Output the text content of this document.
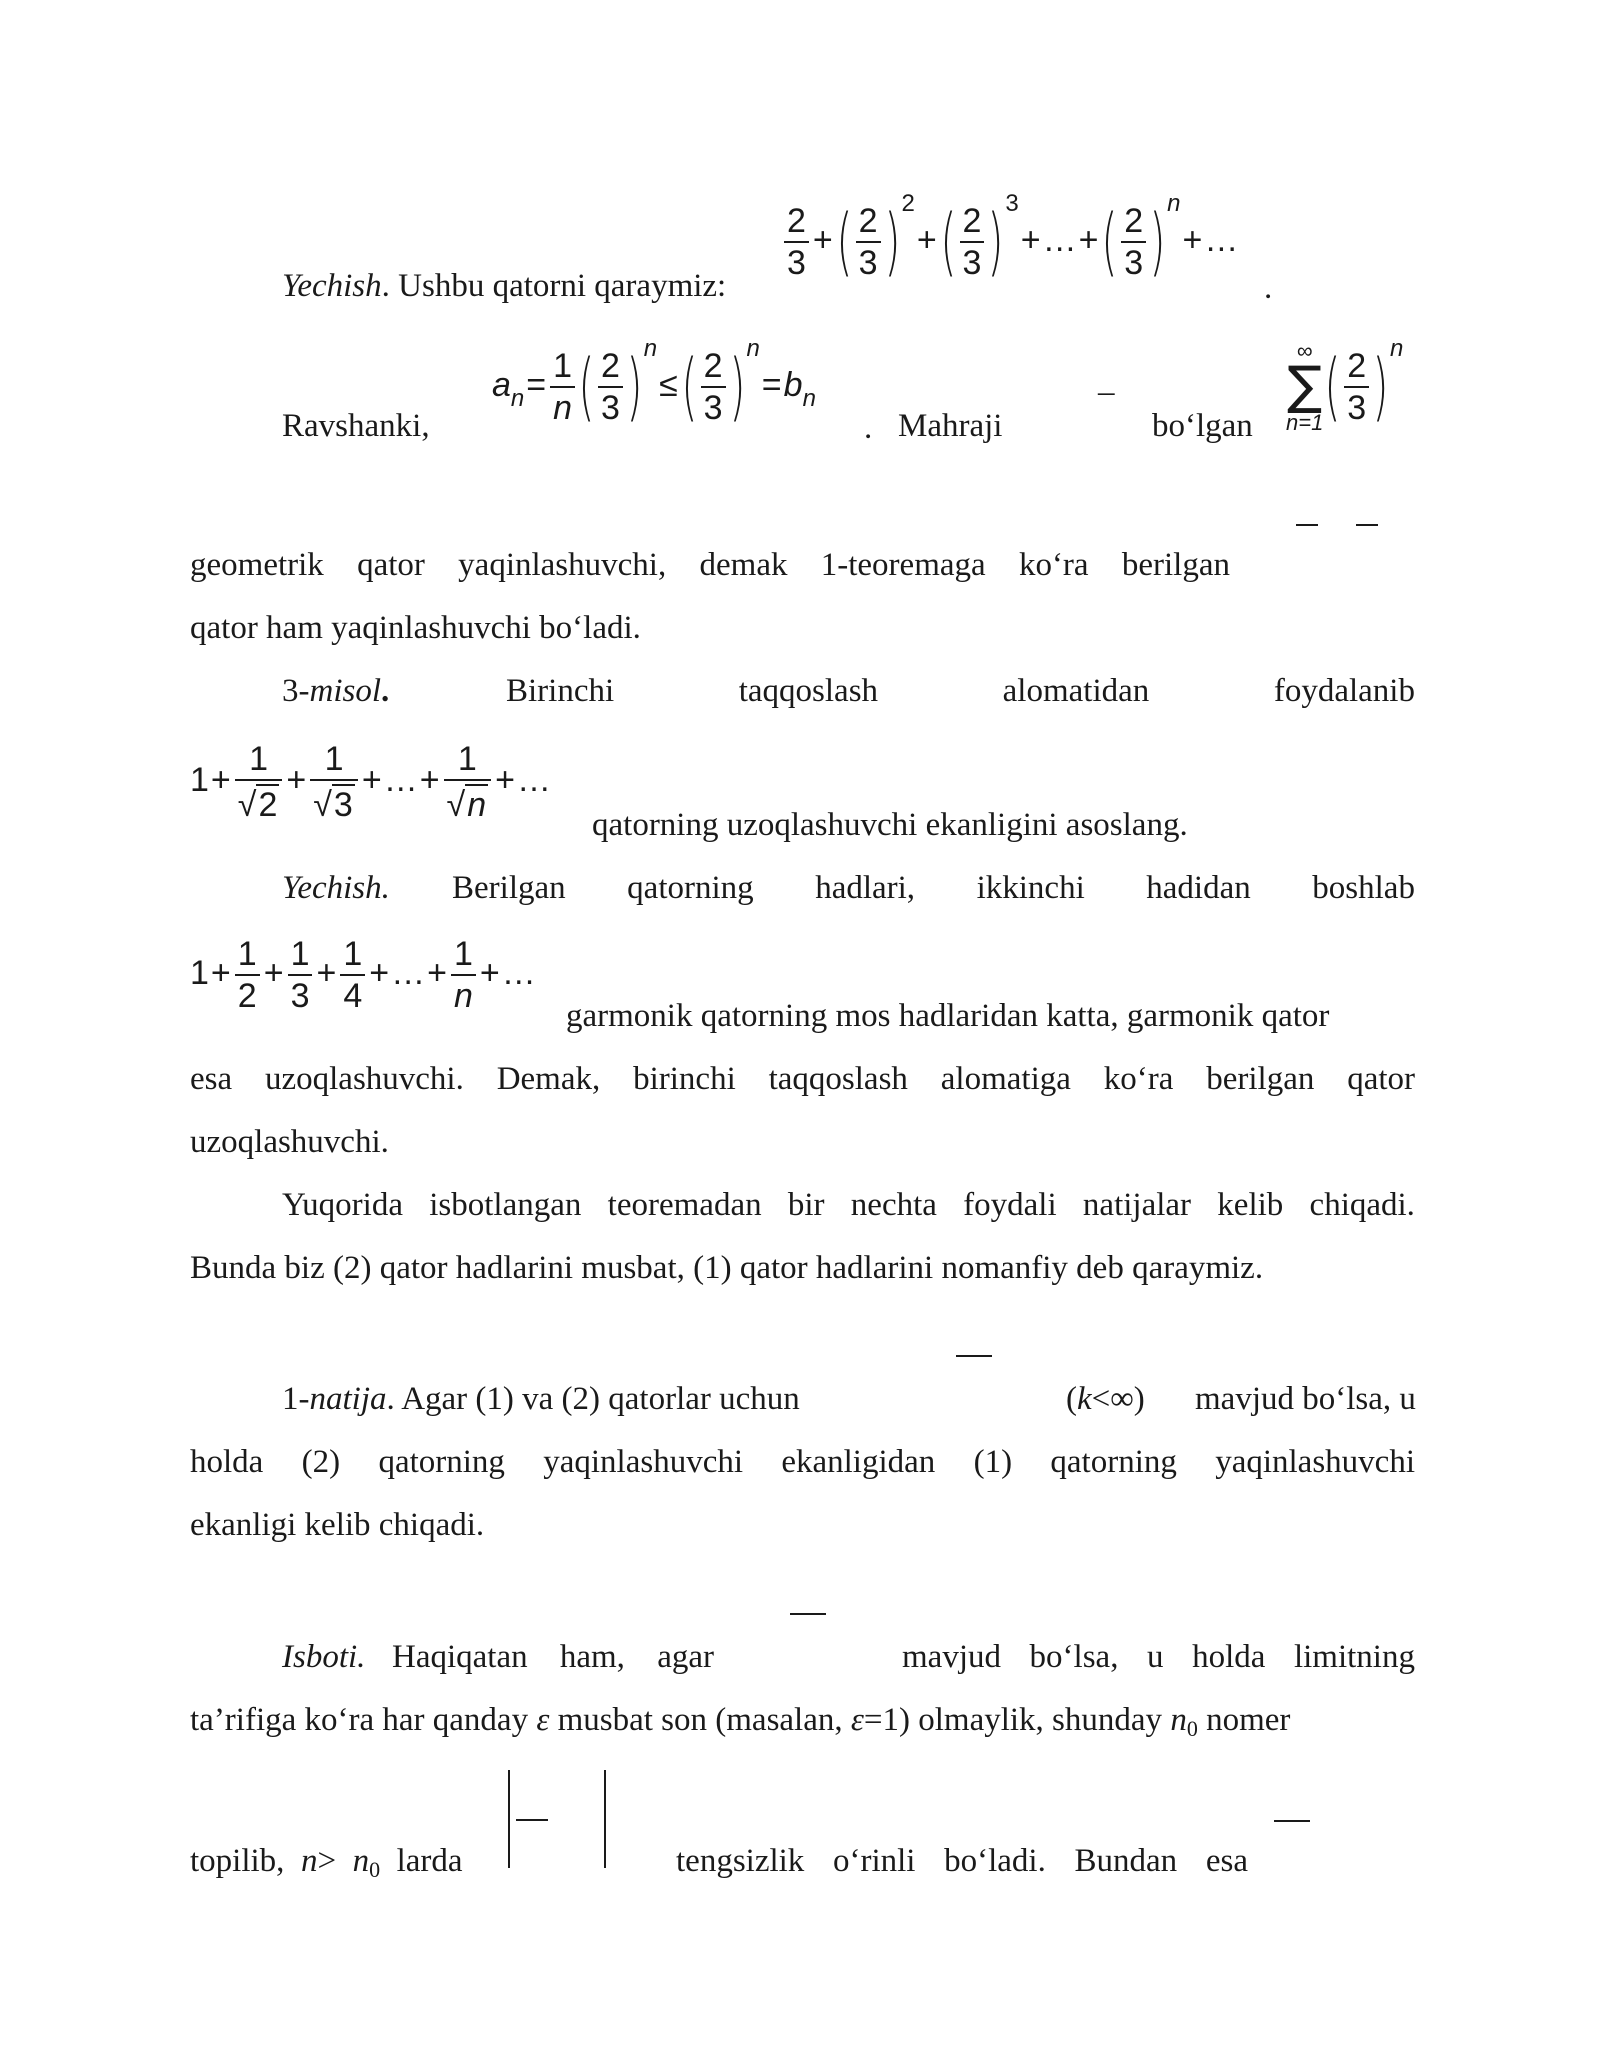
Yechish. Ushbu qatorni qaraymiz:
$\frac{2}{3}$ +( $\frac{2}{3} )^2+( \frac{2}{3}$ )$^3+\dots+( \frac{2}{3}$ )$^n$+…
.
Ravshanki,
$a_n= \frac{1}{n}$ ( $\frac{2}{3} )^n\le( \frac{2}{3} )^n=b_n$
. Mahraji
–
bo‘lgan
∞
∑
n=1 ( $\frac{2}{3} )^n$
geometrik qator yaqinlashuvchi, demak 1-teoremaga ko‘ra berilgan
qator ham yaqinlashuvchi bo‘ladi.
3-misol.	Birinchi	taqqoslash	alomatidan	foydalanib
$1+ \frac{1}{√2} + \frac{1}{√3}$ +…+ $\frac{1}{√n}$ +…
qatorning uzoqlashuvchi ekanligini asoslang.
Yechish. Berilgan qatorning hadlari, ikkinchi hadidan boshlab
$1+ \frac{1}{2} + \frac{1}{3} + \frac{1}{4}$ +…+ $\frac{1}{n}$ +…
garmonik qatorning mos hadlaridan katta, garmonik qator
esa uzoqlashuvchi. Demak, birinchi taqqoslash alomatiga ko‘ra berilgan qator
uzoqlashuvchi.
Yuqorida isbotlangan teoremadan bir nechta foydali natijalar kelib chiqadi.
Bunda biz (2) qator hadlarini musbat, (1) qator hadlarini nomanfiy deb qaraymiz.
1-natija. Agar (1) va (2) qatorlar uchun	(k<∞) mavjud bo‘lsa, u
holda (2) qatorning yaqinlashuvchi ekanligidan (1) qatorning yaqinlashuvchi
ekanligi kelib chiqadi.
Isboti. Haqiqatan ham, agar	mavjud bo‘lsa, u holda limitning
ta’rifiga ko‘ra har qanday ε musbat son (masalan, ε=1) olmaylik, shunday n0 nomer
topilib, n> n0 larda	tengsizlik o‘rinli bo‘ladi. Bundan esa
